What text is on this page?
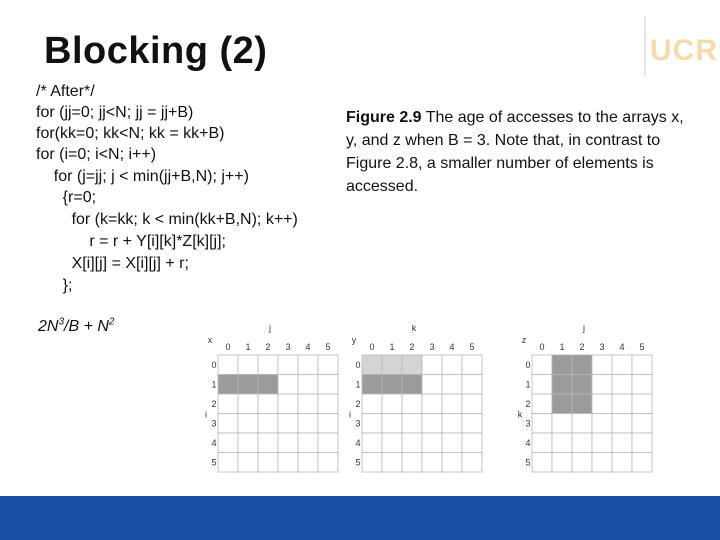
Blocking (2)	UCR
/* After*/
for (jj=0; jj<N; jj = jj+B)
for(kk=0; kk<N; kk = kk+B)
for (i=0; i<N; i++)
for (j=jj; j < min(jj+B,N); j++)
{r=0;
for (k=kk; k < min(kk+B,N); k++)
r = r + Y[i][k]*Z[k][j];
X[i][j] = X[i][j] + r;
};
Figure 2.9 The age of accesses to the arrays x, y, and z when B = 3. Note that, in contrast to Figure 2.8, a smaller number of elements is accessed.
$2N^3/B + N^2$
x
j
i
0 1 2 3 4 5
0
1
2
3
4
5
y
k
i
0 1 2 3 4 5
0
1
2
3
4
5
z
j
k
0 1 2 3 4 5
0
1
2
3
4
5
